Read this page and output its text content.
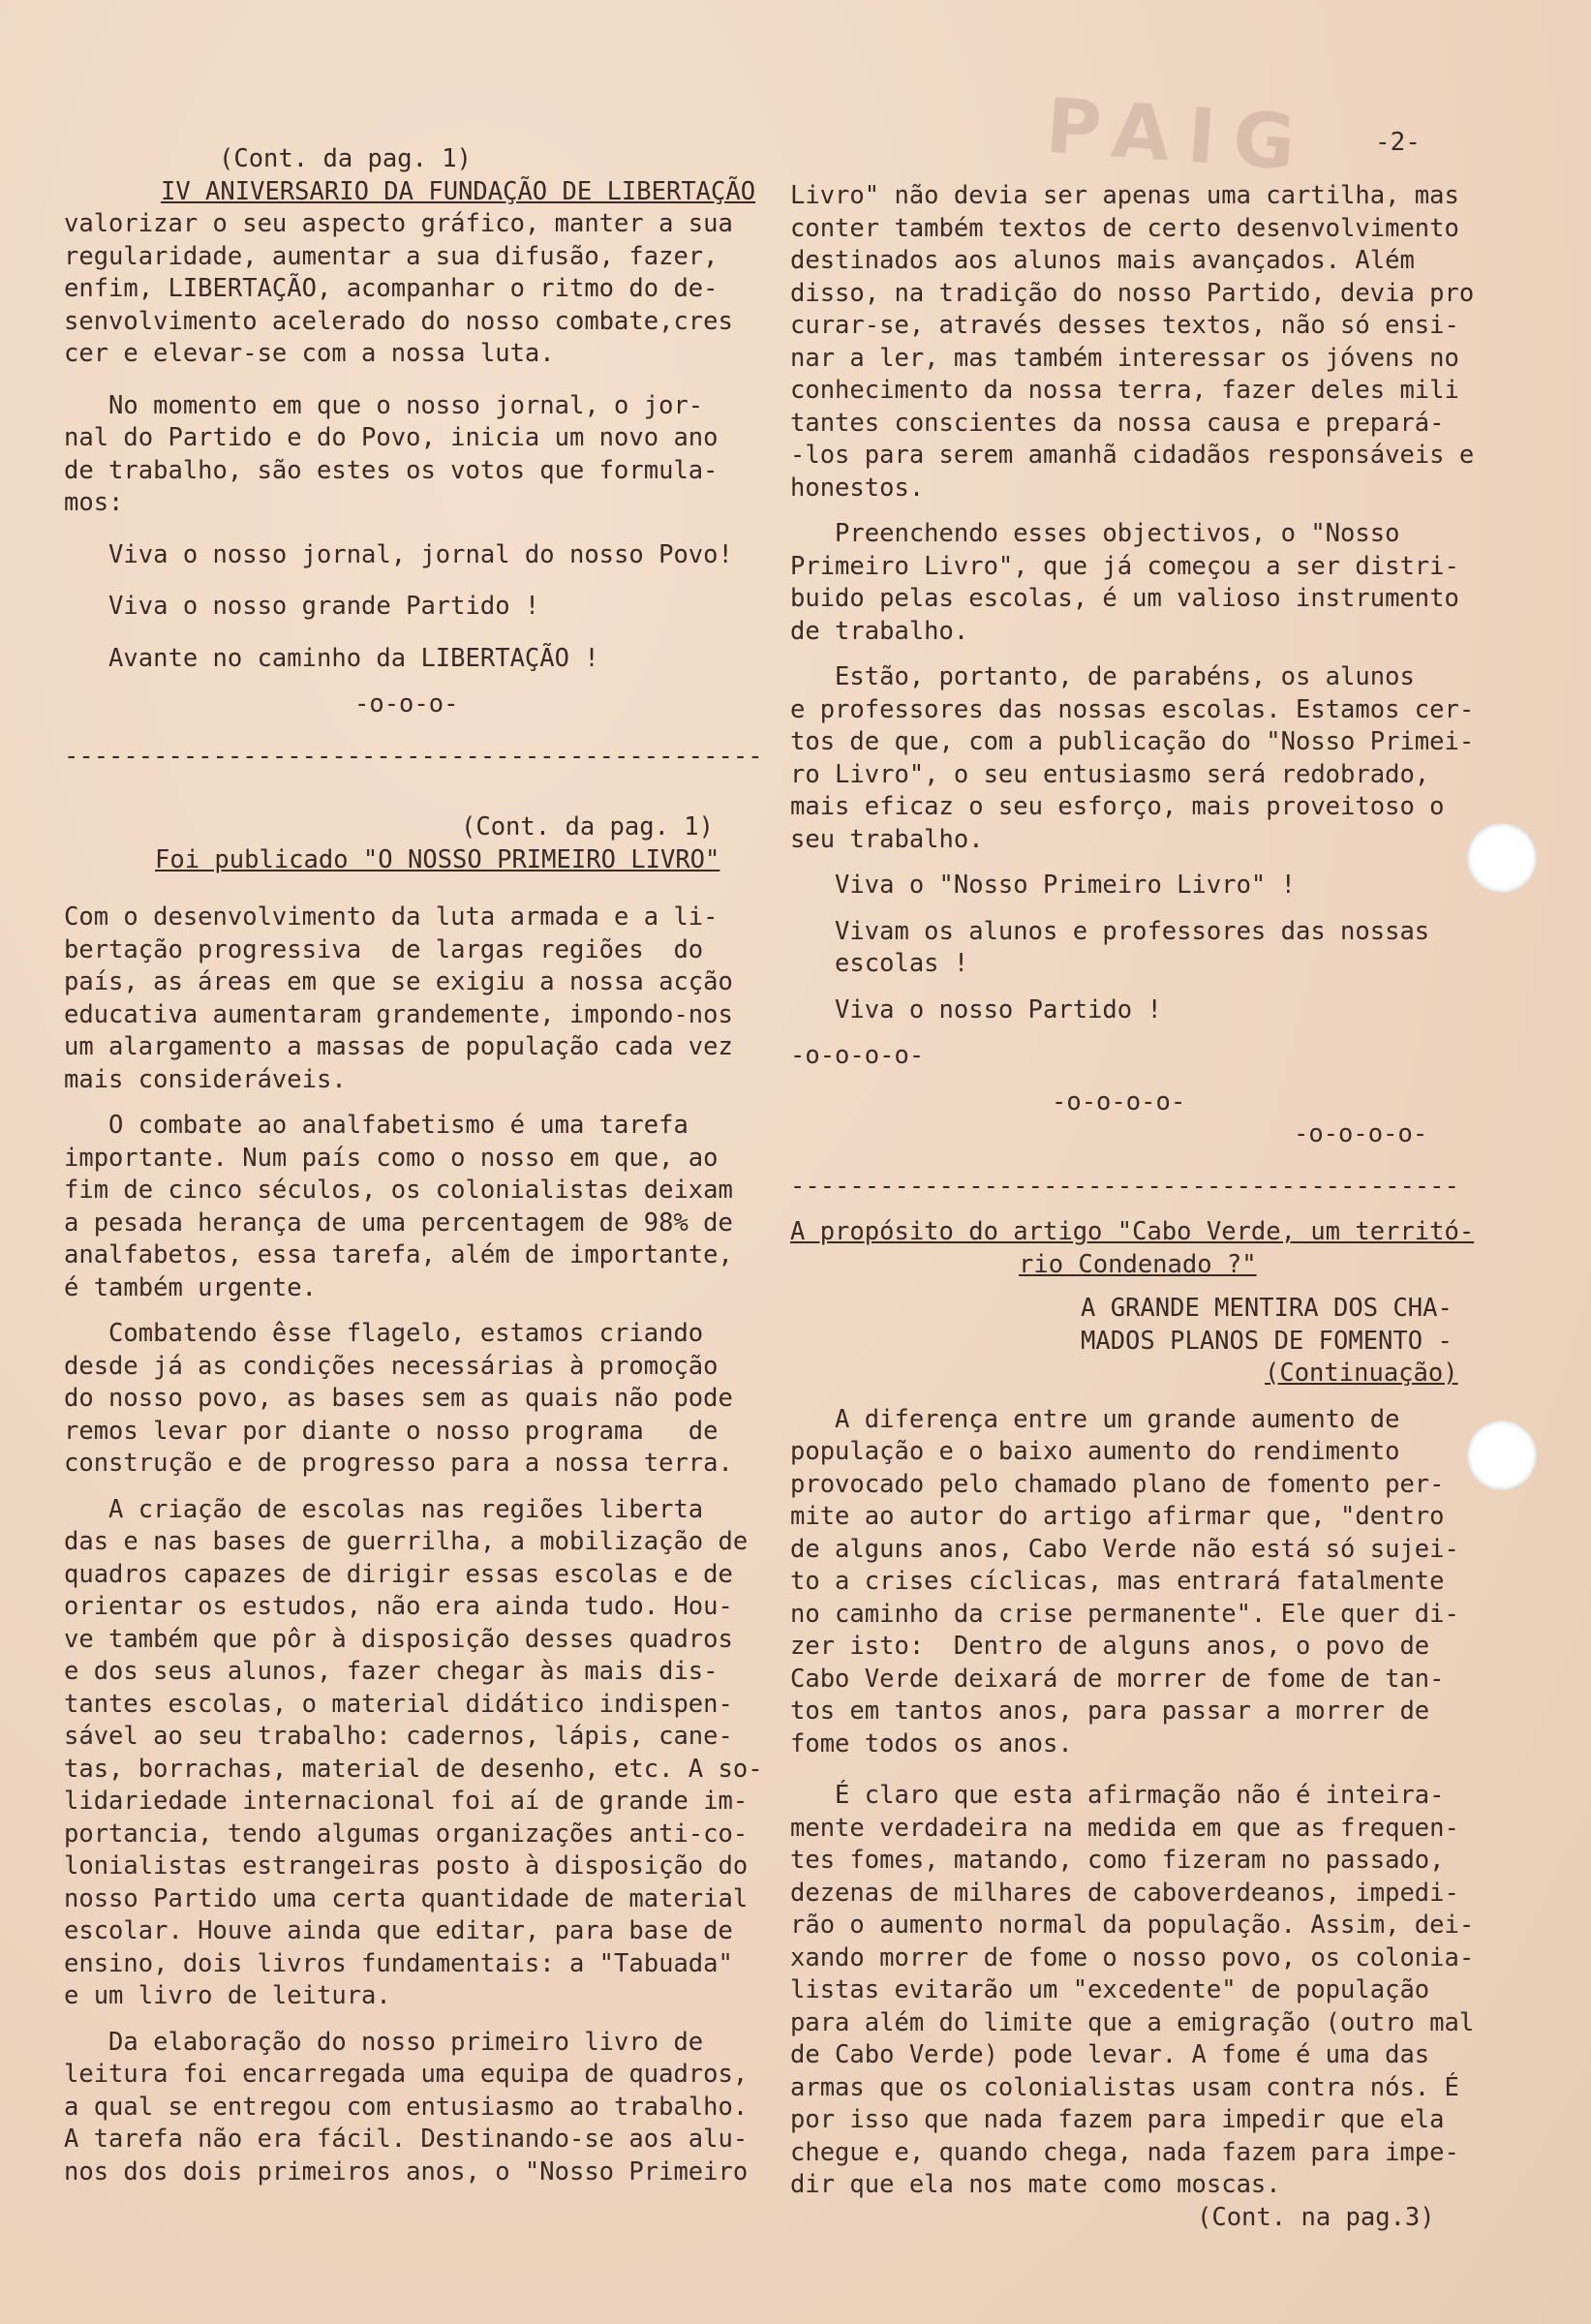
PAIG -2-

(Cont. da pag. 1)

IV ANIVERSARIO DA FUNDAÇÃO DE LIBERTAÇÃO

valorizar o seu aspecto gráfico, manter a sua

regularidade, aumentar a sua difusão, fazer,

enfim, LIBERTAÇÃO, acompanhar o ritmo do de-

senvolvimento acelerado do nosso combate,cres

cer e elevar-se com a nossa luta.

No momento em que o nosso jornal, o jor-

nal do Partido e do Povo, inicia um novo ano

de trabalho, são estes os votos que formula-

mos:

Viva o nosso jornal, jornal do nosso Povo!

Viva o nosso grande Partido !

Avante no caminho da LIBERTAÇÃO !

-o-o-o-

-----------------------------------------------

(Cont. da pag. 1)

Foi publicado "O NOSSO PRIMEIRO LIVRO"

Com o desenvolvimento da luta armada e a li-

bertação progressiva  de largas regiões  do

país, as áreas em que se exigiu a nossa acção

educativa aumentaram grandemente, impondo-nos

um alargamento a massas de população cada vez

mais consideráveis.

O combate ao analfabetismo é uma tarefa

importante. Num país como o nosso em que, ao

fim de cinco séculos, os colonialistas deixam

a pesada herança de uma percentagem de 98% de

analfabetos, essa tarefa, além de importante,

é também urgente.

Combatendo êsse flagelo, estamos criando

desde já as condições necessárias à promoção

do nosso povo, as bases sem as quais não pode

remos levar por diante o nosso programa   de

construção e de progresso para a nossa terra.

A criação de escolas nas regiões liberta

das e nas bases de guerrilha, a mobilização de

quadros capazes de dirigir essas escolas e de

orientar os estudos, não era ainda tudo. Hou-

ve também que pôr à disposição desses quadros

e dos seus alunos, fazer chegar às mais dis-

tantes escolas, o material didático indispen-

sável ao seu trabalho: cadernos, lápis, cane-

tas, borrachas, material de desenho, etc. A so-

lidariedade internacional foi aí de grande im-

portancia, tendo algumas organizações anti-co-

lonialistas estrangeiras posto à disposição do

nosso Partido uma certa quantidade de material

escolar. Houve ainda que editar, para base de

ensino, dois livros fundamentais: a "Tabuada"

e um livro de leitura.

Da elaboração do nosso primeiro livro de

leitura foi encarregada uma equipa de quadros,

a qual se entregou com entusiasmo ao trabalho.

A tarefa não era fácil. Destinando-se aos alu-

nos dos dois primeiros anos, o "Nosso Primeiro

Livro" não devia ser apenas uma cartilha, mas

conter também textos de certo desenvolvimento

destinados aos alunos mais avançados. Além

disso, na tradição do nosso Partido, devia pro

curar-se, através desses textos, não só ensi-

nar a ler, mas também interessar os jóvens no

conhecimento da nossa terra, fazer deles mili

tantes conscientes da nossa causa e prepará-

-los para serem amanhã cidadãos responsáveis e

honestos.

Preenchendo esses objectivos, o "Nosso

Primeiro Livro", que já começou a ser distri-

buido pelas escolas, é um valioso instrumento

de trabalho.

Estão, portanto, de parabéns, os alunos

e professores das nossas escolas. Estamos cer-

tos de que, com a publicação do "Nosso Primei-

ro Livro", o seu entusiasmo será redobrado,

mais eficaz o seu esforço, mais proveitoso o

seu trabalho.

Viva o "Nosso Primeiro Livro" !

Vivam os alunos e professores das nossas

escolas !

Viva o nosso Partido !

-o-o-o-o-

-o-o-o-o-

-o-o-o-o-

---------------------------------------------

A propósito do artigo "Cabo Verde, um territó-

rio Condenado ?"

A GRANDE MENTIRA DOS CHA-

MADOS PLANOS DE FOMENTO -

(Continuação)

A diferença entre um grande aumento de

população e o baixo aumento do rendimento

provocado pelo chamado plano de fomento per-

mite ao autor do artigo afirmar que, "dentro

de alguns anos, Cabo Verde não está só sujei-

to a crises cíclicas, mas entrará fatalmente

no caminho da crise permanente". Ele quer di-

zer isto:  Dentro de alguns anos, o povo de

Cabo Verde deixará de morrer de fome de tan-

tos em tantos anos, para passar a morrer de

fome todos os anos.

É claro que esta afirmação não é inteira-

mente verdadeira na medida em que as frequen-

tes fomes, matando, como fizeram no passado,

dezenas de milhares de caboverdeanos, impedi-

rão o aumento normal da população. Assim, dei-

xando morrer de fome o nosso povo, os colonia-

listas evitarão um "excedente" de população

para além do limite que a emigração (outro mal

de Cabo Verde) pode levar. A fome é uma das

armas que os colonialistas usam contra nós. É

por isso que nada fazem para impedir que ela

chegue e, quando chega, nada fazem para impe-

dir que ela nos mate como moscas.

(Cont. na pag.3)
